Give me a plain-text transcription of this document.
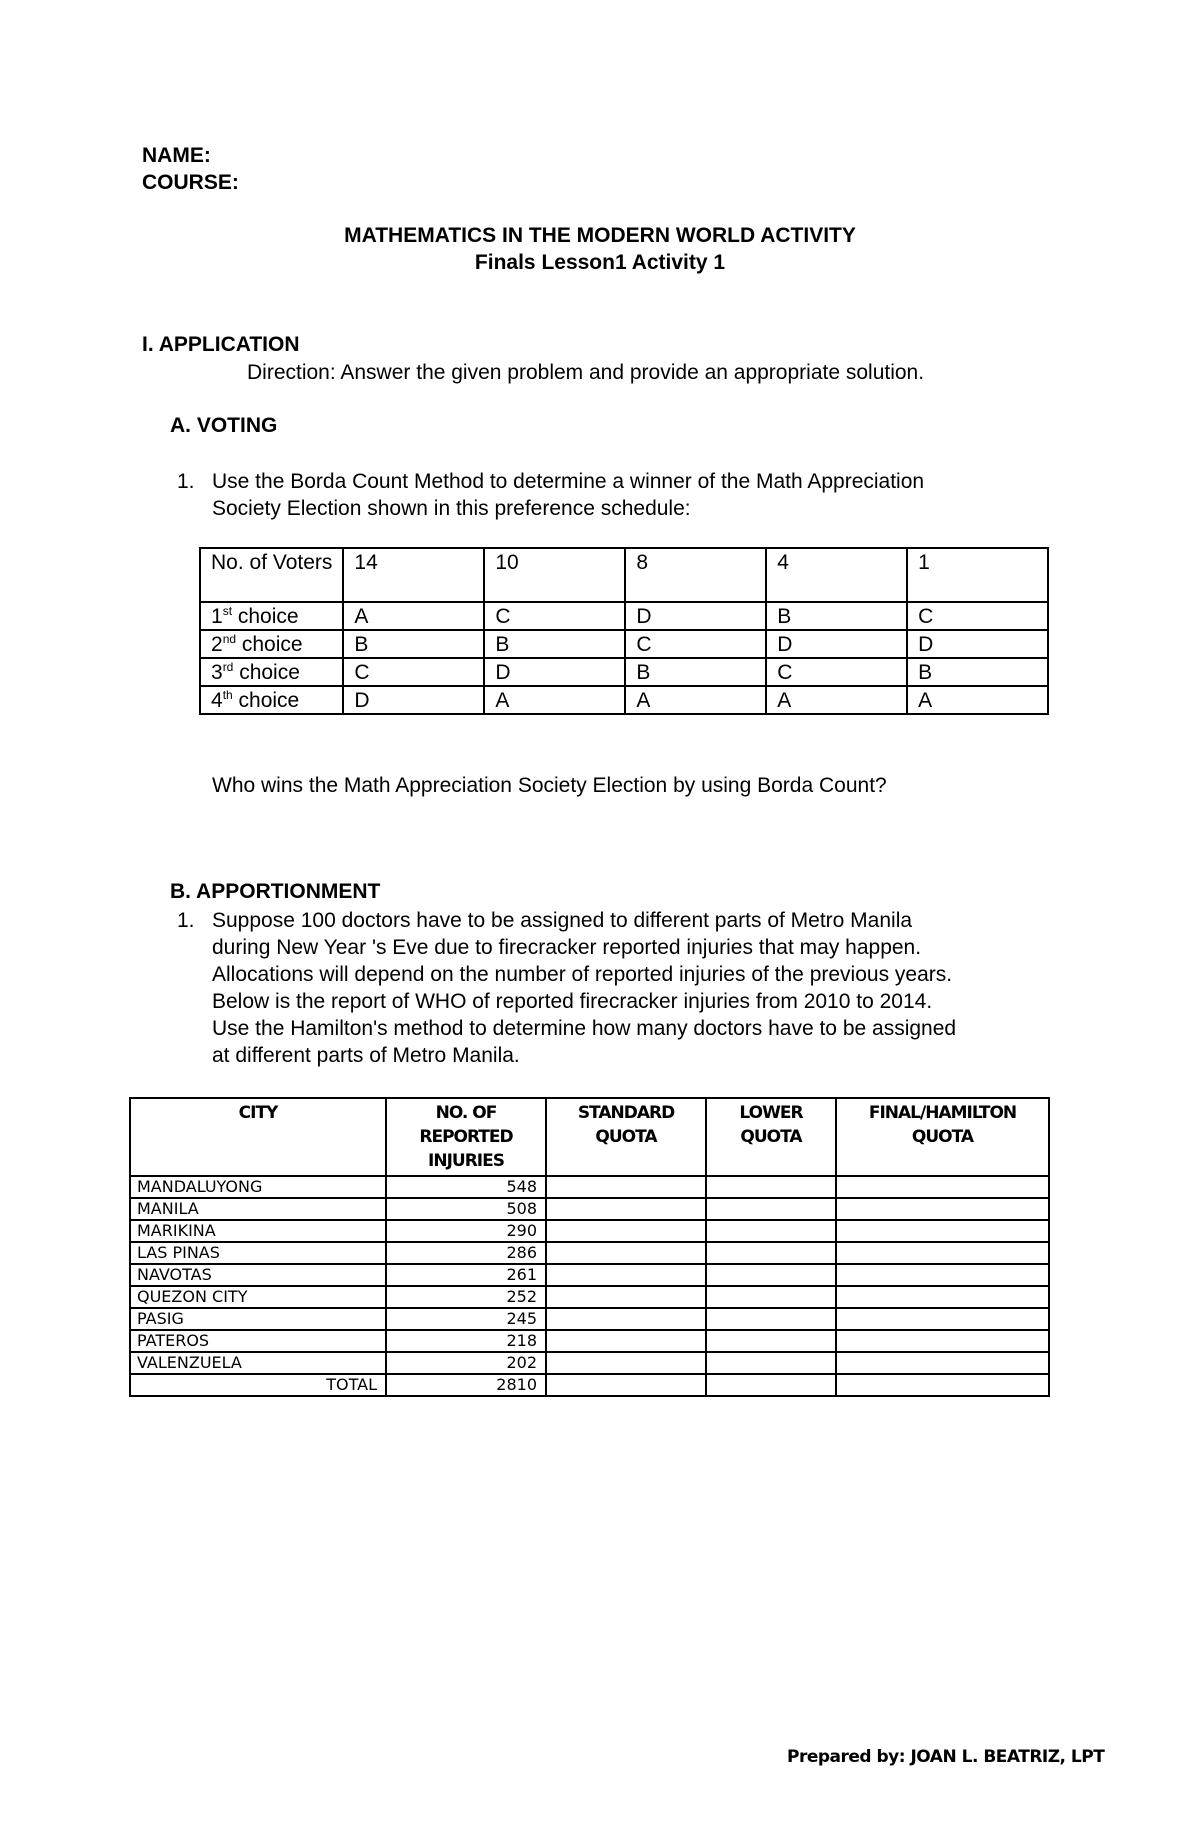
NAME:
COURSE:
MATHEMATICS IN THE MODERN WORLD ACTIVITY
Finals Lesson1 Activity 1
I. APPLICATION
Direction: Answer the given problem and provide an appropriate solution.
A. VOTING
1. Use the Borda Count Method to determine a winner of the Math Appreciation
Society Election shown in this preference schedule:
No. of Voters	14	10	8	4	1
1st choice	A	C	D	B	C
2nd choice	B	B	C	D	D
3rd choice	C	D	B	C	B
4th choice	D	A	A	A	A
Who wins the Math Appreciation Society Election by using Borda Count?
B. APPORTIONMENT
1. Suppose 100 doctors have to be assigned to different parts of Metro Manila
during New Year 's Eve due to firecracker reported injuries that may happen.
Allocations will depend on the number of reported injuries of the previous years.
Below is the report of WHO of reported firecracker injuries from 2010 to 2014.
Use the Hamilton's method to determine how many doctors have to be assigned
at different parts of Metro Manila.
CITY	NO. OF REPORTED INJURIES	STANDARD QUOTA	LOWER QUOTA	FINAL/HAMILTON QUOTA

MANDALUYONG	548			
MANILA	508			
MARIKINA	290			
LAS PINAS	286			
NAVOTAS	261			
QUEZON CITY	252			
PASIG	245			
PATEROS	218			
VALENZUELA	202			
TOTAL	2810			
Prepared by: JOAN L. BEATRIZ, LPT
